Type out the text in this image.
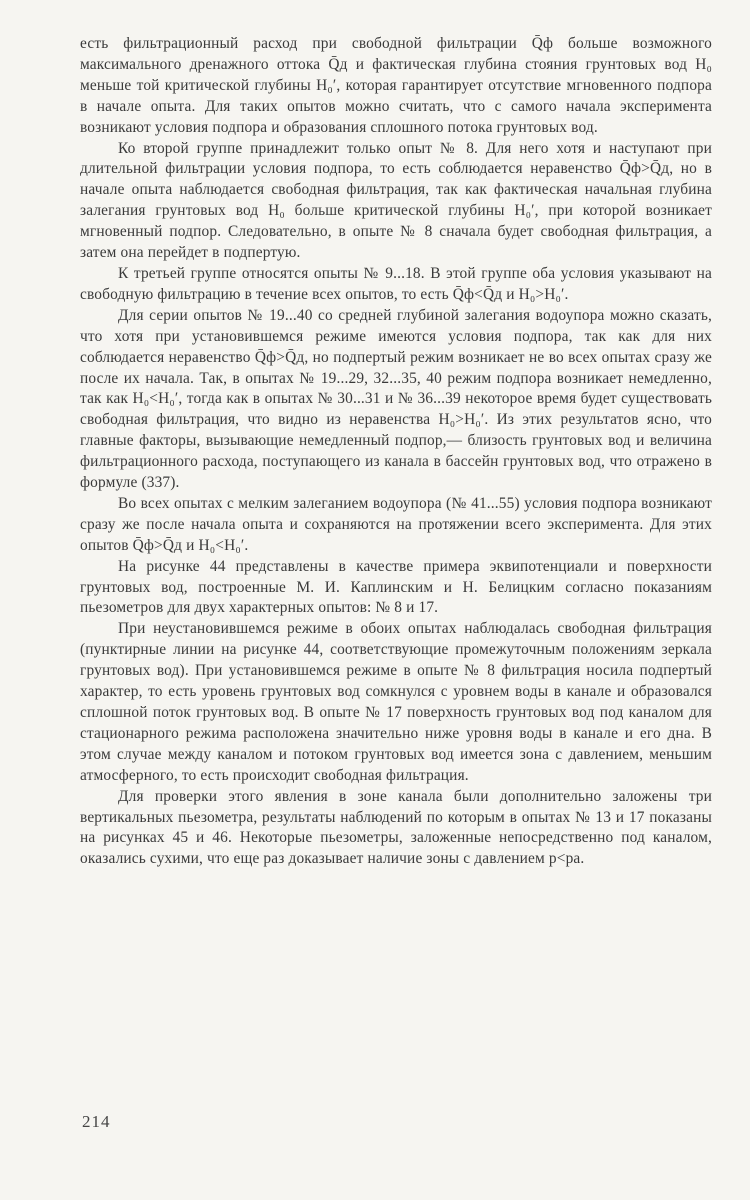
есть фильтрационный расход при свободной фильтрации Q̄ф больше возможного максимального дренажного оттока Q̄д и фактическая глубина стояния грунтовых вод H₀ меньше той критической глубины H₀′, которая гарантирует отсутствие мгновенного подпора в начале опыта. Для таких опытов можно считать, что с самого начала эксперимента возникают условия подпора и образования сплошного потока грунтовых вод.

Ко второй группе принадлежит только опыт № 8. Для него хотя и наступают при длительной фильтрации условия подпора, то есть соблюдается неравенство Q̄ф>Q̄д, но в начале опыта наблюдается свободная фильтрация, так как фактическая начальная глубина залегания грунтовых вод H₀ больше критической глубины H₀′, при которой возникает мгновенный подпор. Следовательно, в опыте № 8 сначала будет свободная фильтрация, а затем она перейдет в подпертую.

К третьей группе относятся опыты № 9...18. В этой группе оба условия указывают на свободную фильтрацию в течение всех опытов, то есть Q̄ф<Q̄д и H₀>H₀′.

Для серии опытов № 19...40 со средней глубиной залегания водоупора можно сказать, что хотя при установившемся режиме имеются условия подпора, так как для них соблюдается неравенство Q̄ф>Q̄д, но подпертый режим возникает не во всех опытах сразу же после их начала. Так, в опытах № 19...29, 32...35, 40 режим подпора возникает немедленно, так как H₀<H₀′, тогда как в опытах № 30...31 и № 36...39 некоторое время будет существовать свободная фильтрация, что видно из неравенства H₀>H₀′. Из этих результатов ясно, что главные факторы, вызывающие немедленный подпор,— близость грунтовых вод и величина фильтрационного расхода, поступающего из канала в бассейн грунтовых вод, что отражено в формуле (337).

Во всех опытах с мелким залеганием водоупора (№ 41...55) условия подпора возникают сразу же после начала опыта и сохраняются на протяжении всего эксперимента. Для этих опытов Q̄ф>Q̄д и H₀<H₀′.

На рисунке 44 представлены в качестве примера эквипотенциали и поверхности грунтовых вод, построенные М. И. Каплинским и Н. Белицким согласно показаниям пьезометров для двух характерных опытов: № 8 и 17.

При неустановившемся режиме в обоих опытах наблюдалась свободная фильтрация (пунктирные линии на рисунке 44, соответствующие промежуточным положениям зеркала грунтовых вод). При установившемся режиме в опыте № 8 фильтрация носила подпертый характер, то есть уровень грунтовых вод сомкнулся с уровнем воды в канале и образовался сплошной поток грунтовых вод. В опыте № 17 поверхность грунтовых вод под каналом для стационарного режима расположена значительно ниже уровня воды в канале и его дна. В этом случае между каналом и потоком грунтовых вод имеется зона с давлением, меньшим атмосферного, то есть происходит свободная фильтрация.

Для проверки этого явления в зоне канала были дополнительно заложены три вертикальных пьезометра, результаты наблюдений по которым в опытах № 13 и 17 показаны на рисунках 45 и 46. Некоторые пьезометры, заложенные непосредственно под каналом, оказались сухими, что еще раз доказывает наличие зоны с давлением p<pа.

214
